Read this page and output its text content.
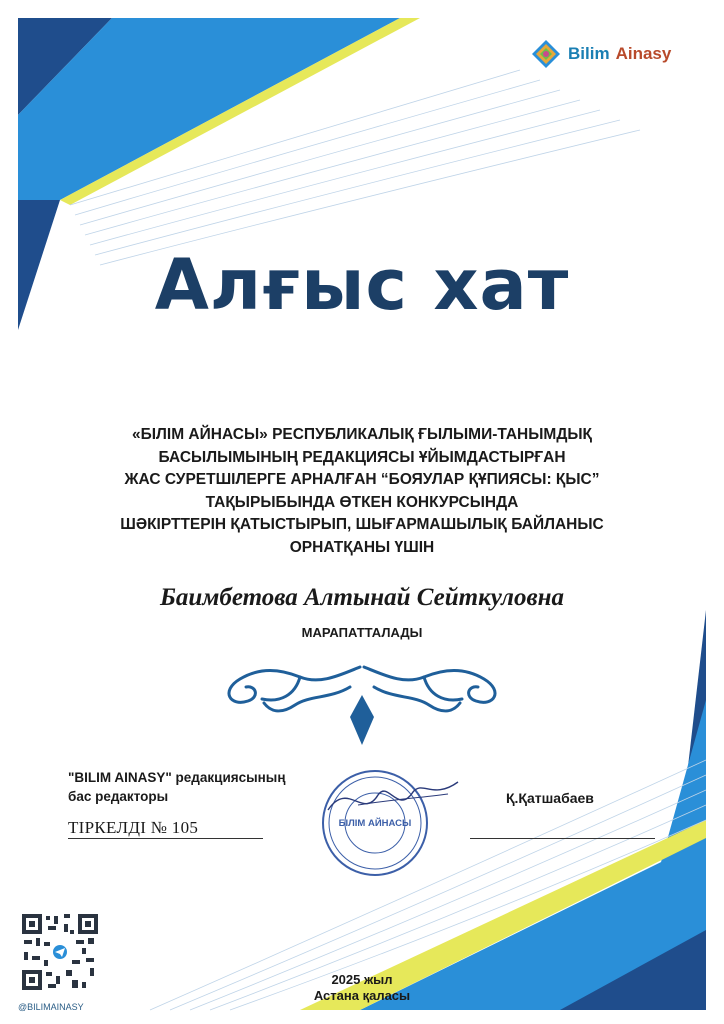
Bilim Ainasy
Алғыс хат
«БІЛІМ АЙНАСЫ» РЕСПУБЛИКАЛЫҚ ҒЫЛЫМИ-ТАНЫМДЫҚ
БАСЫЛЫМЫНЫҢ РЕДАКЦИЯСЫ ҰЙЫМДАСТЫРҒАН
ЖАС СУРЕТШІЛЕРГЕ АРНАЛҒАН “БОЯУЛАР ҚҰПИЯСЫ: ҚЫС”
ТАҚЫРЫБЫНДА ӨТКЕН КОНКУРСЫНДА
ШӘКІРТТЕРІН ҚАТЫСТЫРЫП, ШЫҒАРМАШЫЛЫҚ БАЙЛАНЫС
ОРНАТҚАНЫ ҮШІН
Баимбетова Алтынай Сейткуловна
МАРАПАТТАЛАДЫ
"BILIM AINASY" редакциясының
бас редакторы
ТІРКЕЛДІ № 105	БІЛІМ АЙНАСЫ
Қ.Қатшабаев
@BILIMAINASY
2025 жыл
Астана қаласы
